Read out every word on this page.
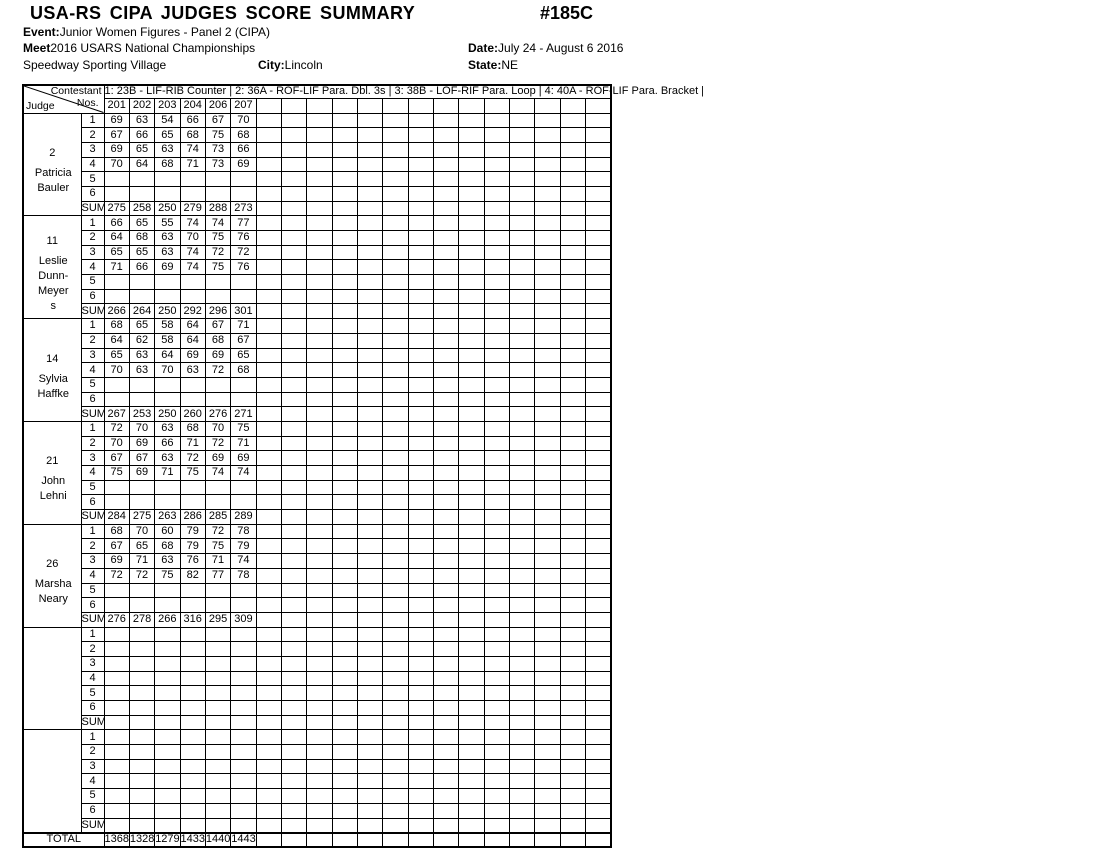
USA-RS CIPA JUDGES SCORE SUMMARY	#185C
Event:Junior Women Figures - Panel 2 (CIPA)
Meet2016 USARS National Championships	Date:July 24 - August 6 2016
Speedway Sporting Village	City:Lincoln	State:NE
Contestant
Nos.
Judge		1: 23B - LIF-RIB Counter | 2: 36A - ROF-LIF Para. Dbl. 3s | 3: 38B - LOF-RIF Para. Loop | 4: 40A - ROF-LIF Para. Bracket |																			
		201	202	203	204	206	207														

2
Patricia
Bauler	1	69	63	54	66	67	70														
	2	67	66	65	68	75	68														
	3	69	65	63	74	73	66														
	4	70	64	68	71	73	69														
	5																				
	6																				
	SUM	275	258	250	279	288	273														

11
Leslie
Dunn-Meyer
s	1	66	65	55	74	74	77														
	2	64	68	63	70	75	76														
	3	65	65	63	74	72	72														
	4	71	66	69	74	75	76														
	5																				
	6																				
	SUM	266	264	250	292	296	301														

14
Sylvia
Haffke	1	68	65	58	64	67	71														
	2	64	62	58	64	68	67														
	3	65	63	64	69	69	65														
	4	70	63	70	63	72	68														
	5																				
	6																				
	SUM	267	253	250	260	276	271														

21
John
Lehni	1	72	70	63	68	70	75														
	2	70	69	66	71	72	71														
	3	67	67	63	72	69	69														
	4	75	69	71	75	74	74														
	5																				
	6																				
	SUM	284	275	263	286	285	289														

26
Marsha
Neary	1	68	70	60	79	72	78														
	2	67	65	68	79	75	79														
	3	69	71	63	76	71	74														
	4	72	72	75	82	77	78														
	5																				
	6																				
	SUM	276	278	266	316	295	309														
	1																				
	2																				
	3																				
	4																				
	5																				
	6																				
	SUM																				
	1																				
	2																				
	3																				
	4																				
	5																				
	6																				
	SUM																				
TOTAL		1368	1328	1279	1433	1440	1443														
